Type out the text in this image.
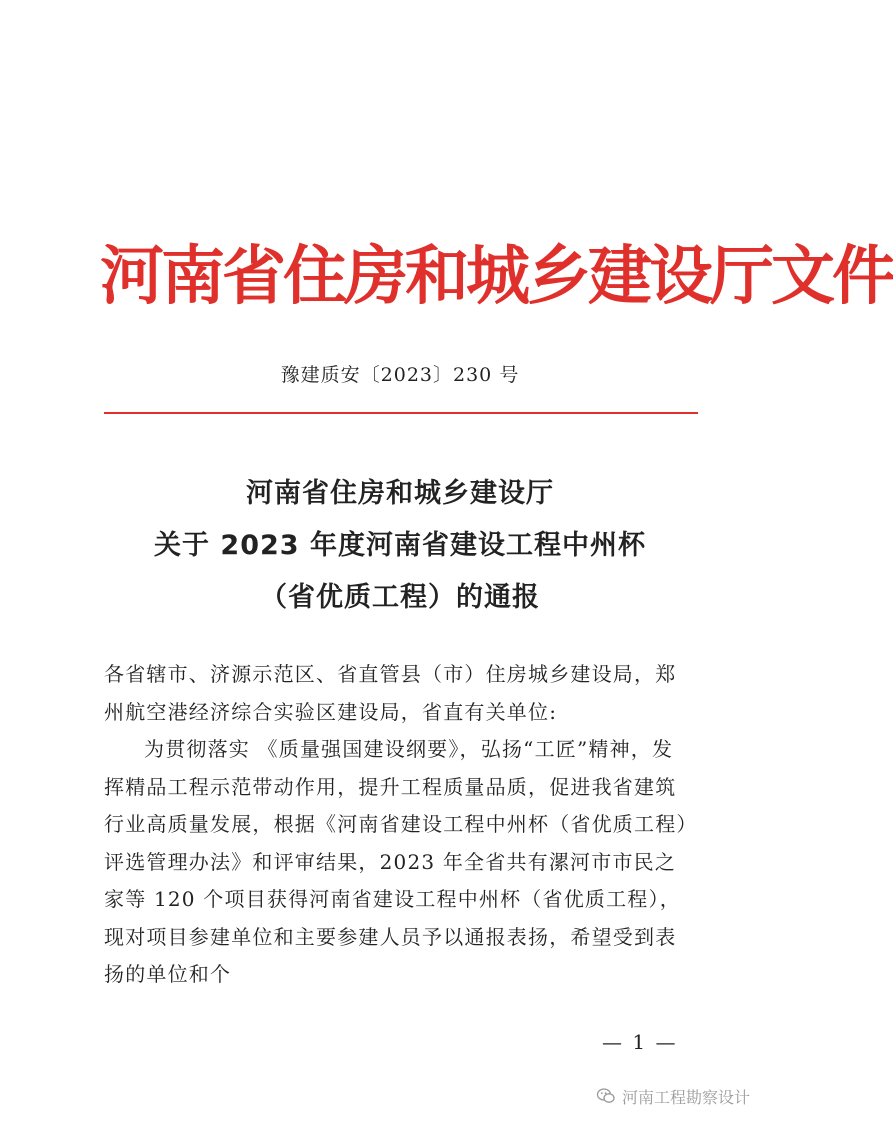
河南省住房和城乡建设厅文件
豫建质安〔2023〕230 号
河南省住房和城乡建设厅
关于 2023 年度河南省建设工程中州杯
（省优质工程）的通报

各省辖市、济源示范区、省直管县（市）住房城乡建设局，郑州航空港经济综合实验区建设局，省直有关单位:

为贯彻落实 《质量强国建设纲要》，弘扬“工匠”精神，发挥精品工程示范带动作用，提升工程质量品质，促进我省建筑行业高质量发展，根据《河南省建设工程中州杯（省优质工程）评选管理办法》和评审结果，2023 年全省共有漯河市市民之家等 120 个项目获得河南省建设工程中州杯（省优质工程），现对项目参建单位和主要参建人员予以通报表扬，希望受到表扬的单位和个

— 1 —
河南工程勘察设计
